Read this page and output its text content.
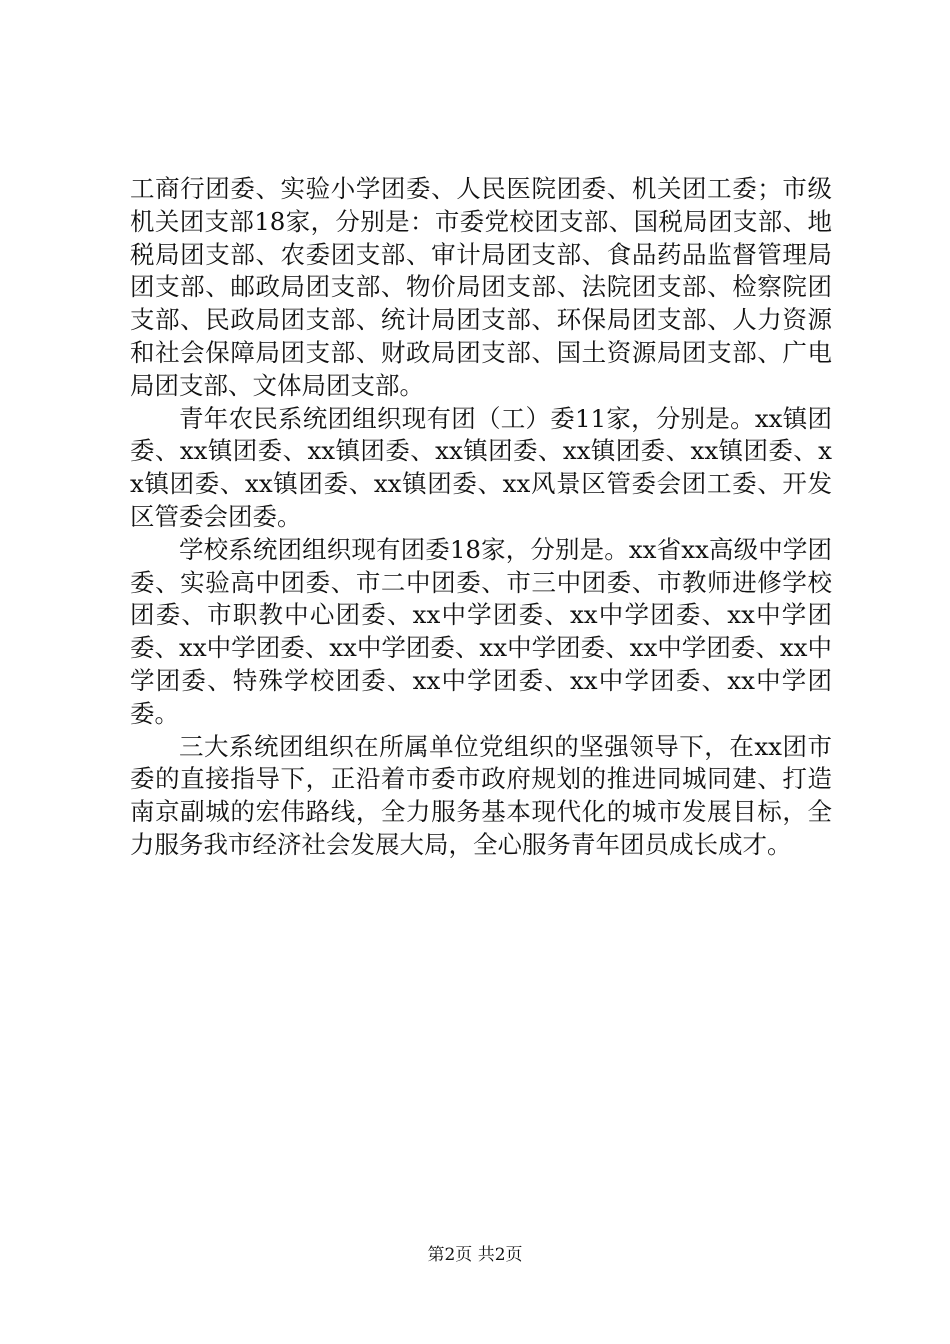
工商行团委、实验小学团委、人民医院团委、机关团工委；市级机关团支部18家，分别是：市委党校团支部、国税局团支部、地税局团支部、农委团支部、审计局团支部、食品药品监督管理局团支部、邮政局团支部、物价局团支部、法院团支部、检察院团支部、民政局团支部、统计局团支部、环保局团支部、人力资源和社会保障局团支部、财政局团支部、国土资源局团支部、广电局团支部、文体局团支部。

青年农民系统团组织现有团（工）委11家，分别是。xx镇团委、xx镇团委、xx镇团委、xx镇团委、xx镇团委、xx镇团委、xx镇团委、xx镇团委、xx镇团委、xx风景区管委会团工委、开发区管委会团委。

学校系统团组织现有团委18家，分别是。xx省xx高级中学团委、实验高中团委、市二中团委、市三中团委、市教师进修学校团委、市职教中心团委、xx中学团委、xx中学团委、xx中学团委、xx中学团委、xx中学团委、xx中学团委、xx中学团委、xx中学团委、特殊学校团委、xx中学团委、xx中学团委、xx中学团委。

三大系统团组织在所属单位党组织的坚强领导下，在xx团市委的直接指导下，正沿着市委市政府规划的推进同城同建、打造南京副城的宏伟路线，全力服务基本现代化的城市发展目标，全力服务我市经济社会发展大局，全心服务青年团员成长成才。

第2页 共2页
